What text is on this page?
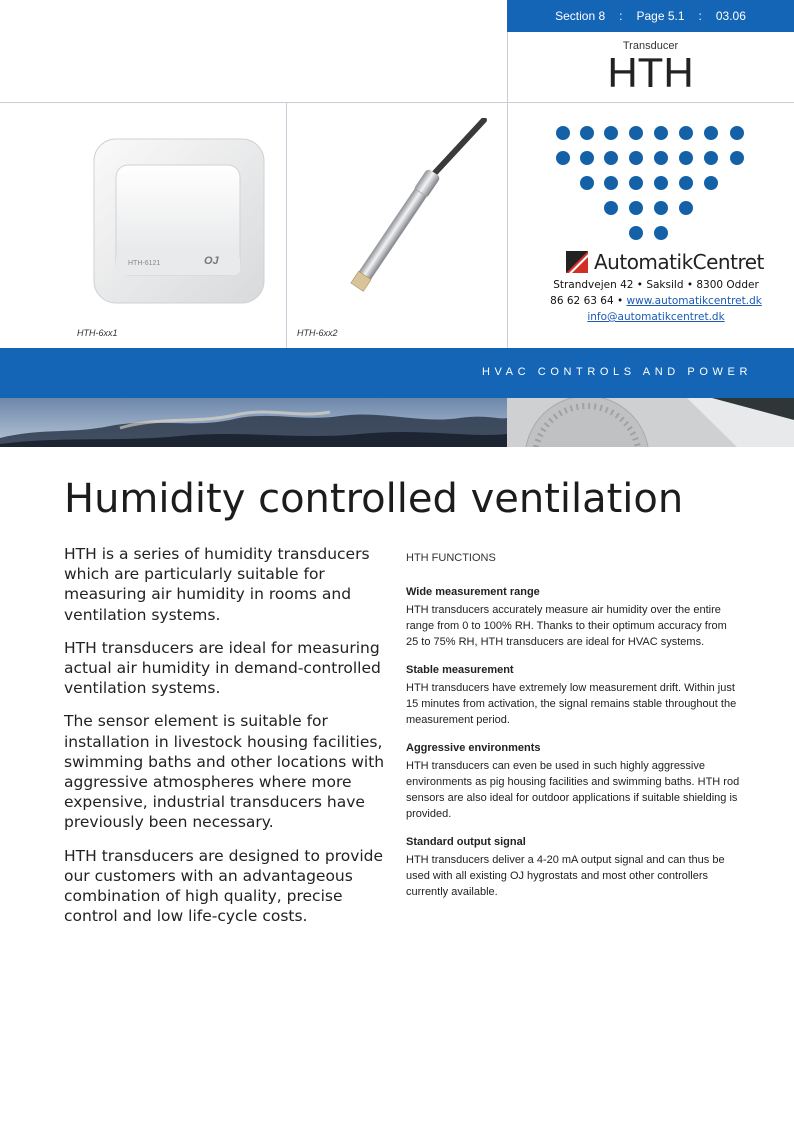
Section 8 : Page 5.1 : 03.06
Transducer
HTH
HTH-6121	OJ
HTH-6xx1	HTH-6xx2
AutomatikCentret
Strandvejen 42 • Saksild • 8300 Odder
86 62 63 64 • www.automatikcentret.dk
info@automatikcentret.dk
HVAC CONTROLS AND POWER
Humidity controlled ventilation

HTH is a series of humidity transducers which are particularly suitable for measuring air humidity in rooms and ventilation systems.

HTH transducers are ideal for measuring actual air humidity in demand-controlled ventilation systems.

The sensor element is suitable for installation in livestock housing facilities, swimming baths and other locations with aggressive atmospheres where more expensive, industrial transducers have previously been necessary.

HTH transducers are designed to provide our customers with an advantageous combination of high quality, precise control and low life-cycle costs.

HTH FUNCTIONS
Wide measurement range

HTH transducers accurately measure air humidity over the entire range from 0 to 100% RH. Thanks to their optimum accuracy from 25 to 75% RH, HTH transducers are ideal for HVAC systems.

Stable measurement

HTH transducers have extremely low measurement drift. Within just 15 minutes from activation, the signal remains stable throughout the measurement period.

Aggressive environments

HTH transducers can even be used in such highly aggressive environments as pig housing facilities and swimming baths. HTH rod sensors are also ideal for outdoor applications if suitable shielding is provided.

Standard output signal

HTH transducers deliver a 4-20 mA output signal and can thus be used with all existing OJ hygrostats and most other controllers currently available.
